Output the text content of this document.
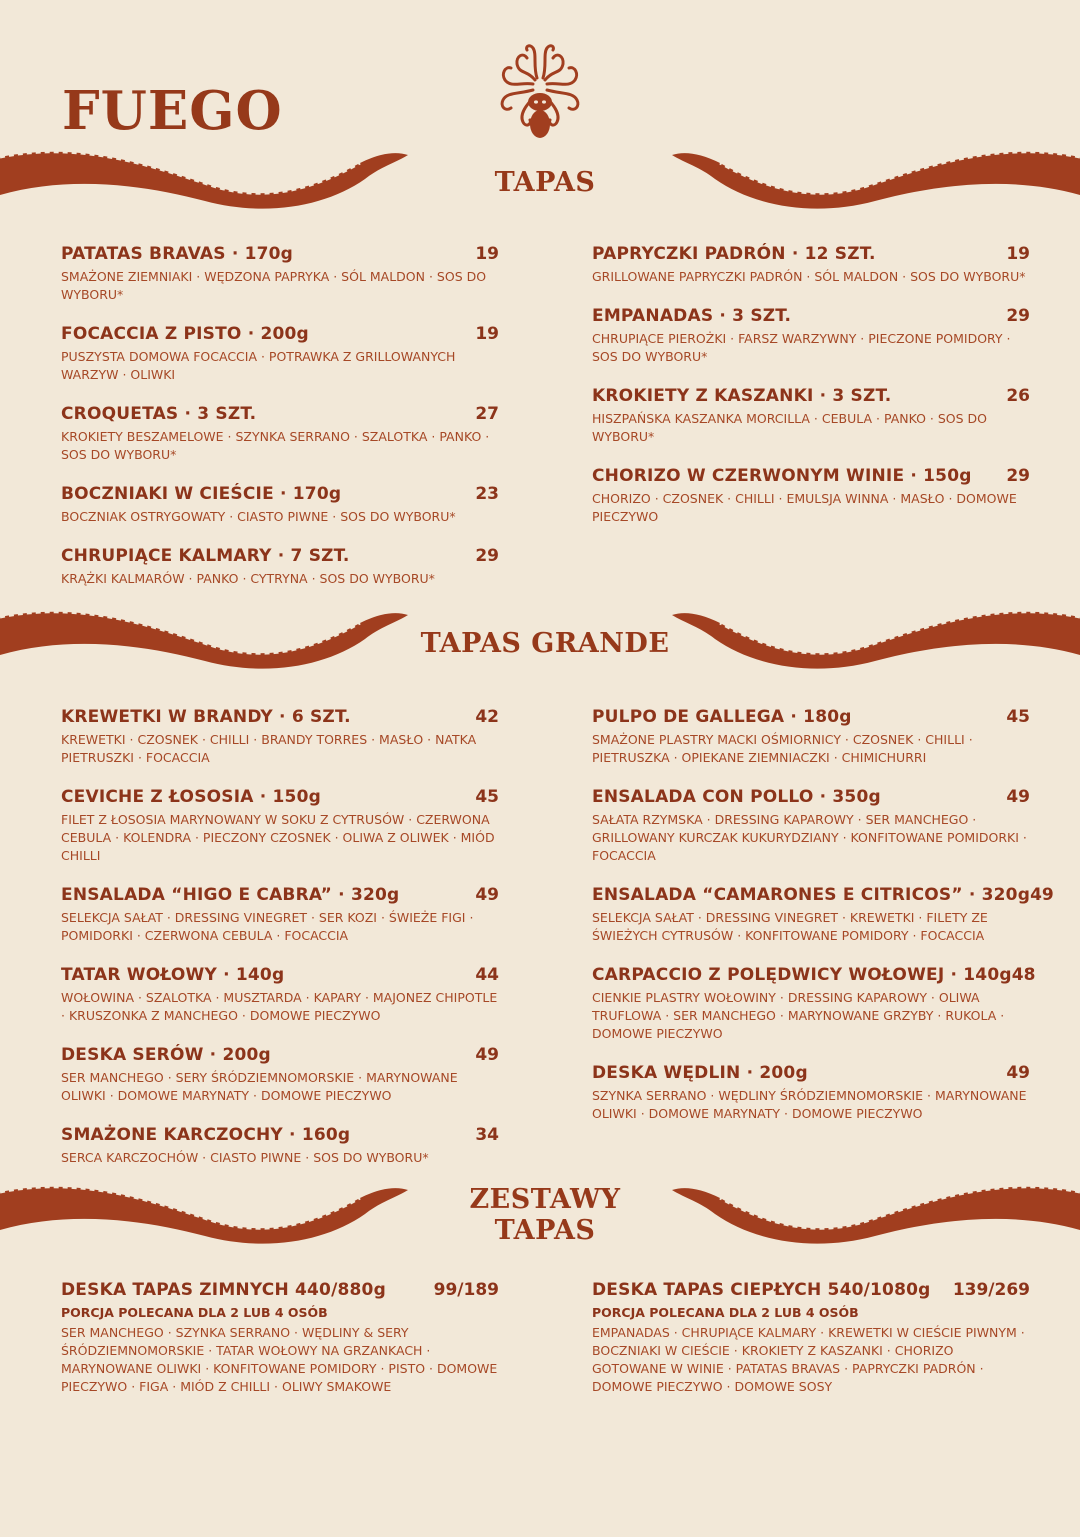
FUEGO
TAPAS
TAPAS GRANDE
ZESTAWY
TAPAS
PATATAS BRAVAS · 170g	19
SMAŻONE ZIEMNIAKI · WĘDZONA PAPRYKA · SÓL MALDON · SOS DO WYBORU*
FOCACCIA Z PISTO · 200g	19
PUSZYSTA DOMOWA FOCACCIA · POTRAWKA Z GRILLOWANYCH WARZYW · OLIWKI
CROQUETAS · 3 SZT.	27
KROKIETY BESZAMELOWE · SZYNKA SERRANO · SZALOTKA · PANKO · SOS DO WYBORU*
BOCZNIAKI W CIEŚCIE · 170g	23
BOCZNIAK OSTRYGOWATY · CIASTO PIWNE · SOS DO WYBORU*
CHRUPIĄCE KALMARY · 7 SZT.	29
KRĄŻKI KALMARÓW · PANKO · CYTRYNA · SOS DO WYBORU*
PAPRYCZKI PADRÓN · 12 SZT.	19
GRILLOWANE PAPRYCZKI PADRÓN · SÓL MALDON · SOS DO WYBORU*
EMPANADAS · 3 SZT.	29
CHRUPIĄCE PIEROŻKI · FARSZ WARZYWNY · PIECZONE POMIDORY · SOS DO WYBORU*
KROKIETY Z KASZANKI · 3 SZT.	26
HISZPAŃSKA KASZANKA MORCILLA · CEBULA · PANKO · SOS DO WYBORU*
CHORIZO W CZERWONYM WINIE · 150g 29
CHORIZO · CZOSNEK · CHILLI · EMULSJA WINNA · MASŁO · DOMOWE PIECZYWO
KREWETKI W BRANDY · 6 SZT.	42
KREWETKI · CZOSNEK · CHILLI · BRANDY TORRES · MASŁO · NATKA PIETRUSZKI · FOCACCIA
CEVICHE Z ŁOSOSIA · 150g	45
FILET Z ŁOSOSIA MARYNOWANY W SOKU Z CYTRUSÓW · CZERWONA CEBULA · KOLENDRA · PIECZONY CZOSNEK · OLIWA Z OLIWEK · MIÓD CHILLI
ENSALADA “HIGO E CABRA” · 320g	49
SELEKCJA SAŁAT · DRESSING VINEGRET · SER KOZI · ŚWIEŻE FIGI · POMIDORKI · CZERWONA CEBULA · FOCACCIA
TATAR WOŁOWY · 140g	44
WOŁOWINA · SZALOTKA · MUSZTARDA · KAPARY · MAJONEZ CHIPOTLE · KRUSZONKA Z MANCHEGO · DOMOWE PIECZYWO
DESKA SERÓW · 200g	49
SER MANCHEGO · SERY ŚRÓDZIEMNOMORSKIE · MARYNOWANE OLIWKI · DOMOWE MARYNATY · DOMOWE PIECZYWO
SMAŻONE KARCZOCHY · 160g	34
SERCA KARCZOCHÓW · CIASTO PIWNE · SOS DO WYBORU*
PULPO DE GALLEGA · 180g	45
SMAŻONE PLASTRY MACKI OŚMIORNICY · CZOSNEK · CHILLI · PIETRUSZKA · OPIEKANE ZIEMNIACZKI · CHIMICHURRI
ENSALADA CON POLLO · 350g	49
SAŁATA RZYMSKA · DRESSING KAPAROWY · SER MANCHEGO · GRILLOWANY KURCZAK KUKURYDZIANY · KONFITOWANE POMIDORKI · FOCACCIA
ENSALADA “CAMARONES E CITRICOS” · 320g 49
SELEKCJA SAŁAT · DRESSING VINEGRET · KREWETKI · FILETY ZE ŚWIEŻYCH CYTRUSÓW · KONFITOWANE POMIDORY · FOCACCIA
CARPACCIO Z POLĘDWICY WOŁOWEJ · 140g 48
CIENKIE PLASTRY WOŁOWINY · DRESSING KAPAROWY · OLIWA TRUFLOWA · SER MANCHEGO · MARYNOWANE GRZYBY · RUKOLA · DOMOWE PIECZYWO
DESKA WĘDLIN · 200g	49
SZYNKA SERRANO · WĘDLINY ŚRÓDZIEMNOMORSKIE · MARYNOWANE OLIWKI · DOMOWE MARYNATY · DOMOWE PIECZYWO
DESKA TAPAS ZIMNYCH 440/880g	99/189
PORCJA POLECANA DLA 2 LUB 4 OSÓB
SER MANCHEGO · SZYNKA SERRANO · WĘDLINY & SERY ŚRÓDZIEMNOMORSKIE · TATAR WOŁOWY NA GRZANKACH · MARYNOWANE OLIWKI · KONFITOWANE POMIDORY · PISTO · DOMOWE PIECZYWO · FIGA · MIÓD Z CHILLI · OLIWY SMAKOWE
DESKA TAPAS CIEPŁYCH 540/1080g 139/269
PORCJA POLECANA DLA 2 LUB 4 OSÓB
EMPANADAS · CHRUPIĄCE KALMARY · KREWETKI W CIEŚCIE PIWNYM · BOCZNIAKI W CIEŚCIE · KROKIETY Z KASZANKI · CHORIZO GOTOWANE W WINIE · PATATAS BRAVAS · PAPRYCZKI PADRÓN · DOMOWE PIECZYWO · DOMOWE SOSY
